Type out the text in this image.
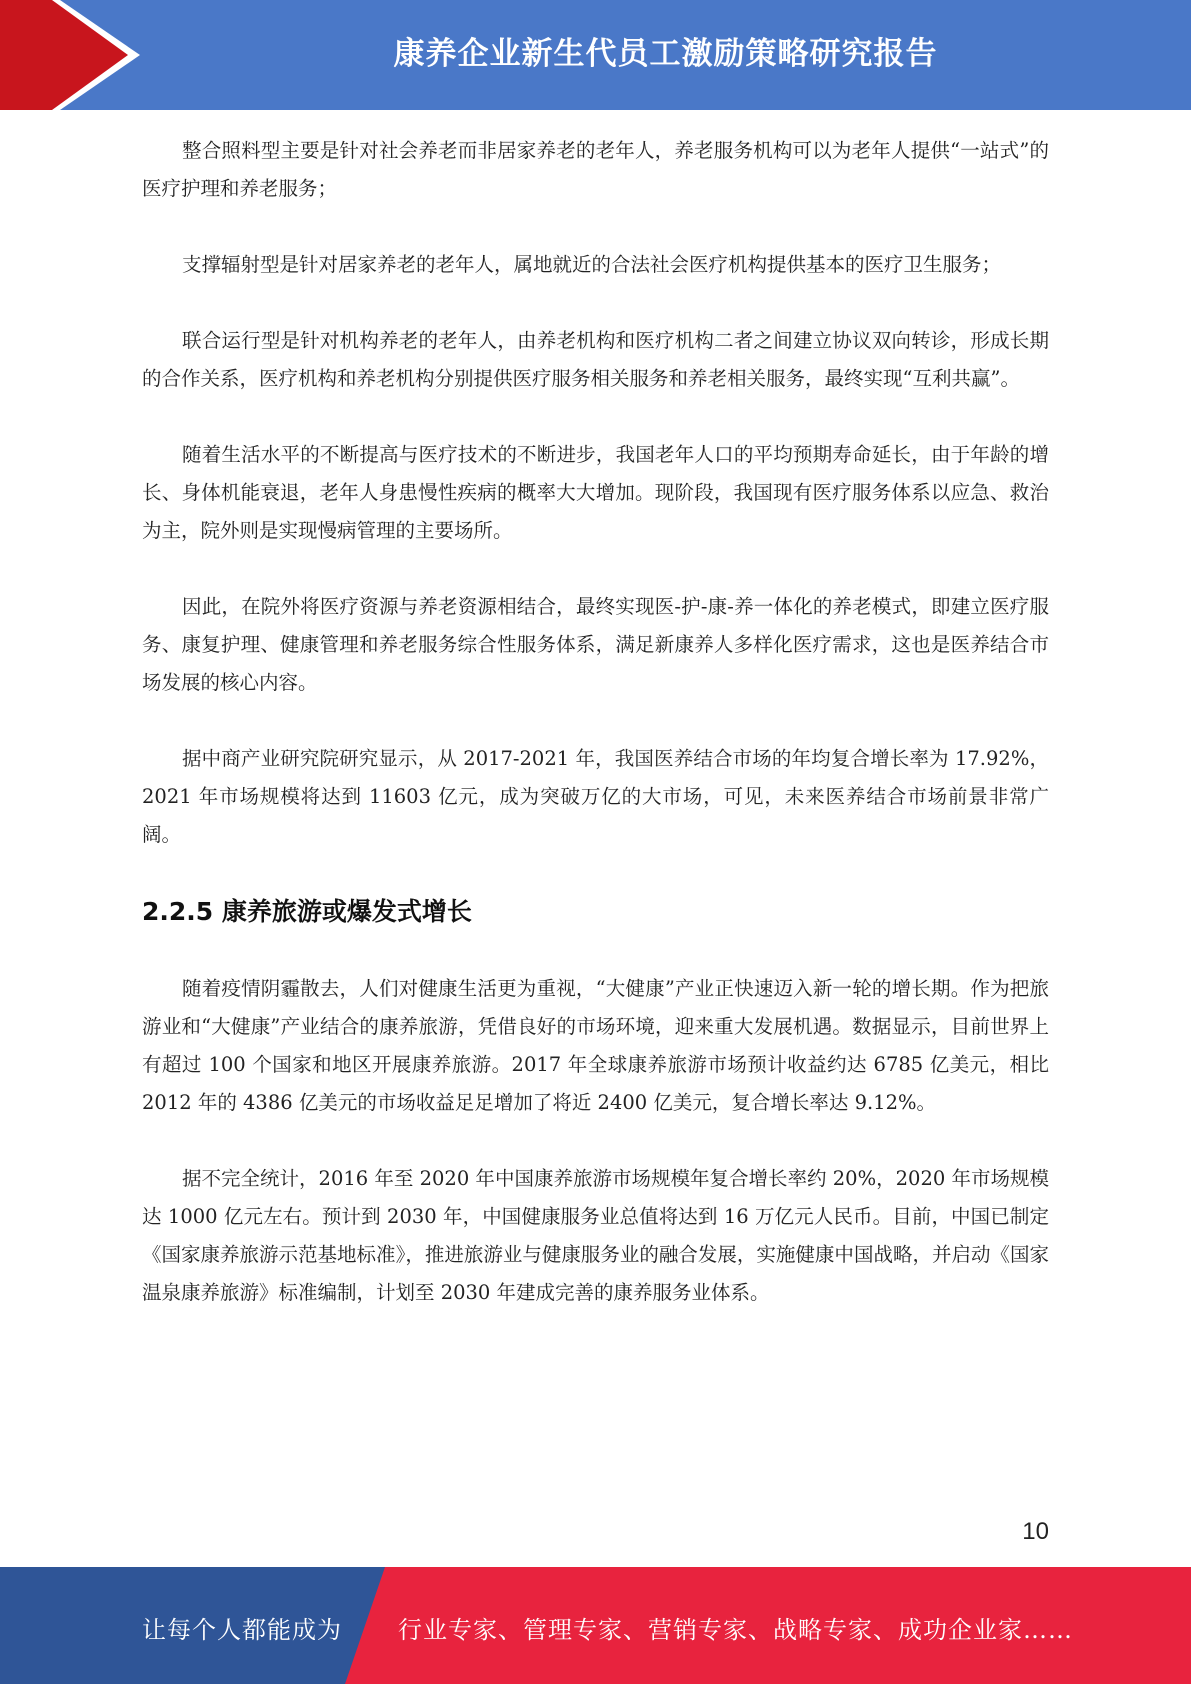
康养企业新生代员工激励策略研究报告

整合照料型主要是针对社会养老而非居家养老的老年人，养老服务机构可以为老年人提供“一站式”的医疗护理和养老服务；

支撑辐射型是针对居家养老的老年人，属地就近的合法社会医疗机构提供基本的医疗卫生服务；

联合运行型是针对机构养老的老年人，由养老机构和医疗机构二者之间建立协议双向转诊，形成长期的合作关系，医疗机构和养老机构分别提供医疗服务相关服务和养老相关服务，最终实现“互利共赢”。

随着生活水平的不断提高与医疗技术的不断进步，我国老年人口的平均预期寿命延长，由于年龄的增长、身体机能衰退，老年人身患慢性疾病的概率大大增加。现阶段，我国现有医疗服务体系以应急、救治为主，院外则是实现慢病管理的主要场所。

因此，在院外将医疗资源与养老资源相结合，最终实现医-护-康-养一体化的养老模式，即建立医疗服务、康复护理、健康管理和养老服务综合性服务体系，满足新康养人多样化医疗需求，这也是医养结合市场发展的核心内容。

据中商产业研究院研究显示，从 2017-2021 年，我国医养结合市场的年均复合增长率为 17.92%，2021 年市场规模将达到 11603 亿元，成为突破万亿的大市场，可见，未来医养结合市场前景非常广阔。

2.2.5 康养旅游或爆发式增长

随着疫情阴霾散去，人们对健康生活更为重视，“大健康”产业正快速迈入新一轮的增长期。作为把旅游业和“大健康”产业结合的康养旅游，凭借良好的市场环境，迎来重大发展机遇。数据显示，目前世界上有超过 100 个国家和地区开展康养旅游。2017 年全球康养旅游市场预计收益约达 6785 亿美元，相比 2012 年的 4386 亿美元的市场收益足足增加了将近 2400 亿美元，复合增长率达 9.12%。

据不完全统计，2016 年至 2020 年中国康养旅游市场规模年复合增长率约 20%，2020 年市场规模达 1000 亿元左右。预计到 2030 年，中国健康服务业总值将达到 16 万亿元人民币。目前，中国已制定《国家康养旅游示范基地标准》，推进旅游业与健康服务业的融合发展，实施健康中国战略，并启动《国家温泉康养旅游》标准编制，计划至 2030 年建成完善的康养服务业体系。

10
让每个人都能成为 行业专家、管理专家、营销专家、战略专家、成功企业家……
